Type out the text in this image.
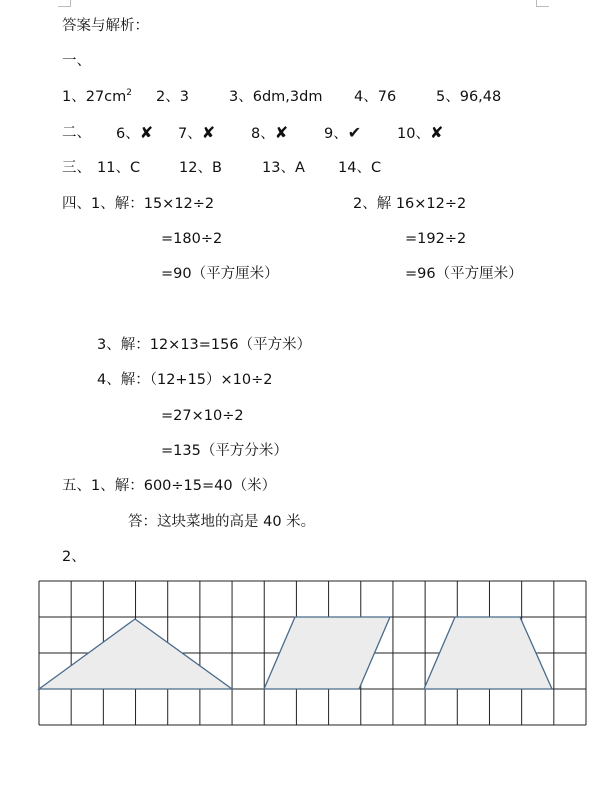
答案与解析：
一、
1、$27cm^2$ 2、3	3、6dm,3dm 4、76	5、96,48
二、 6、✘ 7、✘ 8、✘ 9、✔ 10、✘
三、 11、C	12、B	13、A 14、C
四、1、解：15×12÷2
=180÷2
=90（平方厘米）
2、解 16×12÷2
=192÷2
=96（平方厘米）
3、解：12×13=156（平方米）
4、解：（12+15）×10÷2
=27×10÷2
=135（平方分米）
五、1、解：600÷15=40（米）
答：这块菜地的高是 40 米。
2、
